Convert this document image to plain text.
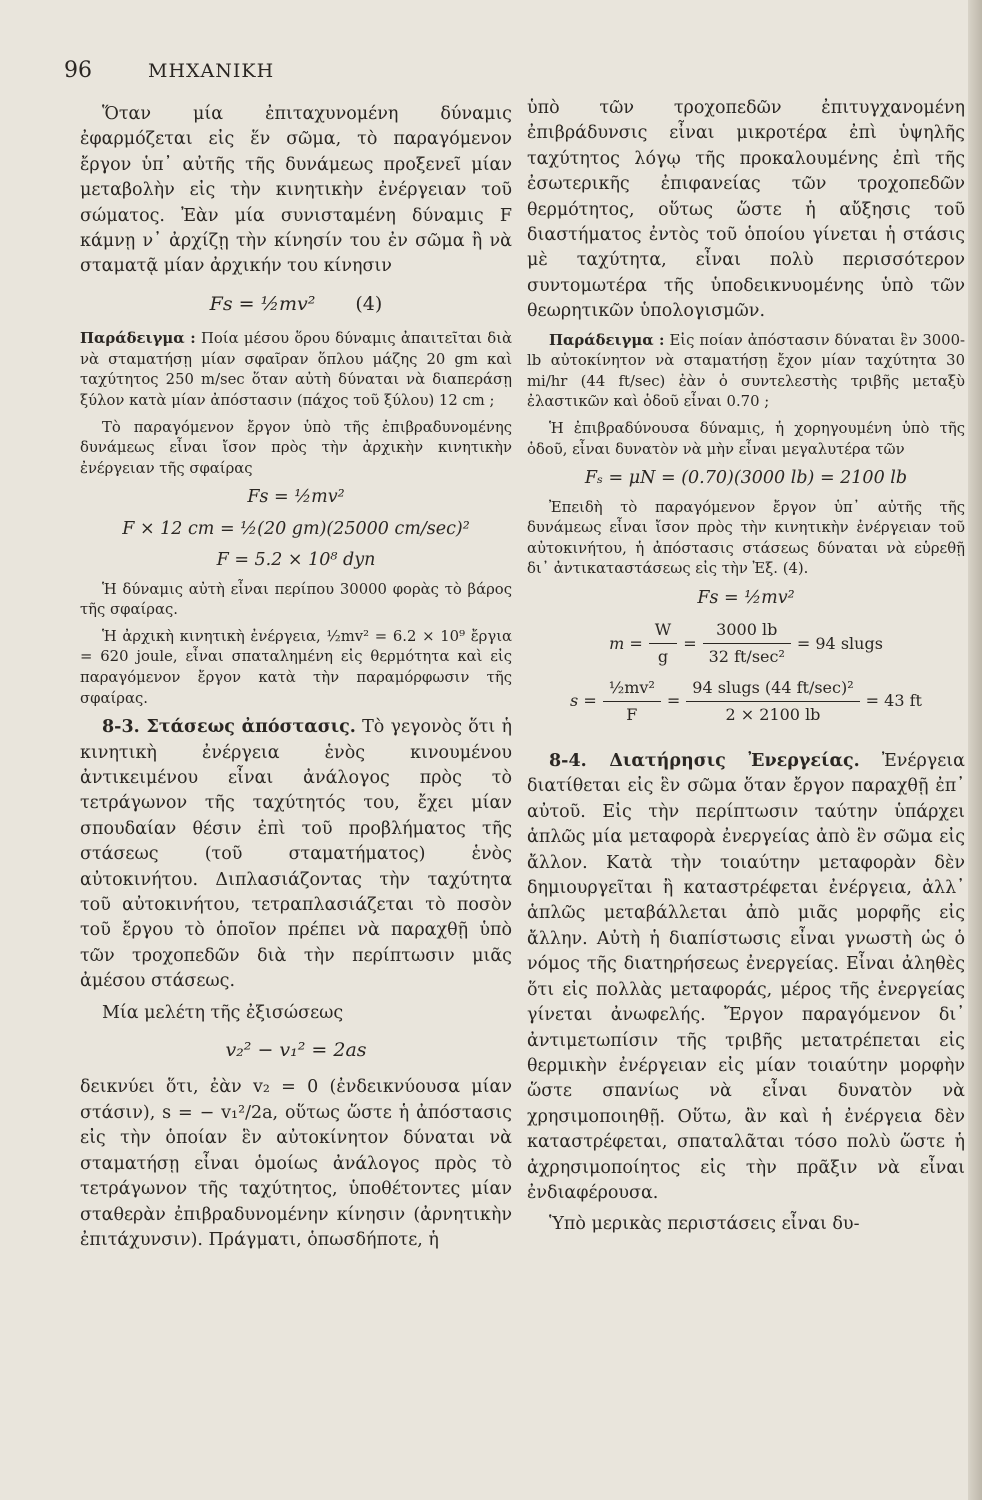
96	ΜΗΧΑΝΙΚΗ

Ὅταν μία ἐπιταχυνομένη δύναμις ἐφαρμόζεται εἰς ἕν σῶμα, τὸ παραγόμενον ἔργον ὑπ᾽ αὐτῆς τῆς δυνάμεως προξενεῖ μίαν μεταβολὴν εἰς τὴν κινητικὴν ἐνέργειαν τοῦ σώματος. Ἐὰν μία συνισταμένη δύναμις F κάμνῃ ν᾽ ἀρχίζῃ τὴν κίνησίν του ἐν σῶμα ἢ νὰ σταματᾷ μίαν ἀρχικήν του κίνησιν

Fs = ½mv² (4)

Παράδειγμα : Ποία μέσου ὅρου δύναμις ἀπαιτεῖται διὰ νὰ σταματήσῃ μίαν σφαῖραν ὅπλου μάζης 20 gm καὶ ταχύτητος 250 m/sec ὅταν αὐτὴ δύναται νὰ διαπεράσῃ ξύλον κατὰ μίαν ἀπόστασιν (πάχος τοῦ ξύλου) 12 cm ;

Τὸ παραγόμενον ἔργον ὑπὸ τῆς ἐπιβραδυνομένης δυνάμεως εἶναι ἴσον πρὸς τὴν ἀρχικὴν κινητικὴν ἐνέργειαν τῆς σφαίρας

Fs = ½mv²
F × 12 cm = ½(20 gm)(25000 cm/sec)²
F = 5.2 × 10⁸ dyn

Ἡ δύναμις αὐτὴ εἶναι περίπου 30000 φορὰς τὸ βάρος τῆς σφαίρας.

Ἡ ἀρχικὴ κινητικὴ ἐνέργεια, ½mv² = 6.2 × 10⁹ ἔργια = 620 joule, εἶναι σπαταλημένη εἰς θερμότητα καὶ εἰς παραγόμενον ἔργον κατὰ τὴν παραμόρφωσιν τῆς σφαίρας.

8-3. Στάσεως ἀπόστασις. Τὸ γεγονὸς ὅτι ἡ κινητικὴ ἐνέργεια ἑνὸς κινουμένου ἀντικειμένου εἶναι ἀνάλογος πρὸς τὸ τετράγωνον τῆς ταχύτητός του, ἔχει μίαν σπουδαίαν θέσιν ἐπὶ τοῦ προβλήματος τῆς στάσεως (τοῦ σταματήματος) ἑνὸς αὐτοκινήτου. Διπλασιάζοντας τὴν ταχύτητα τοῦ αὐτοκινήτου, τετραπλασιάζεται τὸ ποσὸν τοῦ ἔργου τὸ ὁποῖον πρέπει νὰ παραχθῇ ὑπὸ τῶν τροχοπεδῶν διὰ τὴν περίπτωσιν μιᾶς ἀμέσου στάσεως.

Μία μελέτη τῆς ἐξισώσεως

v₂² − v₁² = 2as

δεικνύει ὅτι, ἐὰν v₂ = 0 (ἐνδεικνύουσα μίαν στάσιν), s = − v₁²/2a, οὕτως ὥστε ἡ ἀπόστασις εἰς τὴν ὁποίαν ἓν αὐτοκίνητον δύναται νὰ σταματήσῃ εἶναι ὁμοίως ἀνάλογος πρὸς τὸ τετράγωνον τῆς ταχύτητος, ὑποθέτοντες μίαν σταθερὰν ἐπιβραδυνομένην κίνησιν (ἀρνητικὴν ἐπιτάχυνσιν). Πράγματι, ὁπωσδήποτε, ἡ

ὑπὸ τῶν τροχοπεδῶν ἐπιτυγχανομένη ἐπιβράδυνσις εἶναι μικροτέρα ἐπὶ ὑψηλῆς ταχύτητος λόγῳ τῆς προκαλουμένης ἐπὶ τῆς ἐσωτερικῆς ἐπιφανείας τῶν τροχοπεδῶν θερμότητος, οὕτως ὥστε ἡ αὔξησις τοῦ διαστήματος ἐντὸς τοῦ ὁποίου γίνεται ἡ στάσις μὲ ταχύτητα, εἶναι πολὺ περισσότερον συντομωτέρα τῆς ὑποδεικνυομένης ὑπὸ τῶν θεωρητικῶν ὑπολογισμῶν.

Παράδειγμα : Εἰς ποίαν ἀπόστασιν δύναται ἓν 3000-lb αὐτοκίνητον νὰ σταματήσῃ ἔχον μίαν ταχύτητα 30 mi/hr (44 ft/sec) ἐὰν ὁ συντελεστὴς τριβῆς μεταξὺ ἐλαστικῶν καὶ ὁδοῦ εἶναι 0.70 ;

Ἡ ἐπιβραδύνουσα δύναμις, ἡ χορηγουμένη ὑπὸ τῆς ὁδοῦ, εἶναι δυνατὸν νὰ μὴν εἶναι μεγαλυτέρα τῶν

Fₛ = μN = (0.70)(3000 lb) = 2100 lb

Ἐπειδὴ τὸ παραγόμενον ἔργον ὑπ᾽ αὐτῆς τῆς δυνάμεως εἶναι ἴσον πρὸς τὴν κινητικὴν ἐνέργειαν τοῦ αὐτοκινήτου, ἡ ἀπόστασις στάσεως δύναται νὰ εὑρεθῇ δι᾽ ἀντικαταστάσεως εἰς τὴν Ἐξ. (4).

Fs = ½mv²
$m = \frac{W}{g} = \frac{3000 lb}{\text{32 ft/sec²}} = 94$ slugs
$s = \frac{\text{½mv²}}{F} = \frac{\text{94 slugs (44 ft/sec)²}}{2 \times 2100 lb} = 43$ ft

8-4. Διατήρησις Ἐνεργείας. Ἐνέργεια διατίθεται εἰς ἓν σῶμα ὅταν ἔργον παραχθῇ ἐπ᾽ αὐτοῦ. Εἰς τὴν περίπτωσιν ταύτην ὑπάρχει ἁπλῶς μία μεταφορὰ ἐνεργείας ἀπὸ ἓν σῶμα εἰς ἄλλον. Κατὰ τὴν τοιαύτην μεταφορὰν δὲν δημιουργεῖται ἢ καταστρέφεται ἐνέργεια, ἀλλ᾽ ἁπλῶς μεταβάλλεται ἀπὸ μιᾶς μορφῆς εἰς ἄλλην. Αὐτὴ ἡ διαπίστωσις εἶναι γνωστὴ ὡς ὁ νόμος τῆς διατηρήσεως ἐνεργείας. Εἶναι ἀληθὲς ὅτι εἰς πολλὰς μεταφοράς, μέρος τῆς ἐνεργείας γίνεται ἀνωφελής. Ἔργον παραγόμενον δι᾽ ἀντιμετωπίσιν τῆς τριβῆς μετατρέπεται εἰς θερμικὴν ἐνέργειαν εἰς μίαν τοιαύτην μορφὴν ὥστε σπανίως νὰ εἶναι δυνατὸν νὰ χρησιμοποιηθῇ. Οὕτω, ἂν καὶ ἡ ἐνέργεια δὲν καταστρέφεται, σπαταλᾶται τόσο πολὺ ὥστε ἡ ἀχρησιμοποίητος εἰς τὴν πρᾶξιν νὰ εἶναι ἐνδιαφέρουσα.

Ὑπὸ μερικὰς περιστάσεις εἶναι δυ-
